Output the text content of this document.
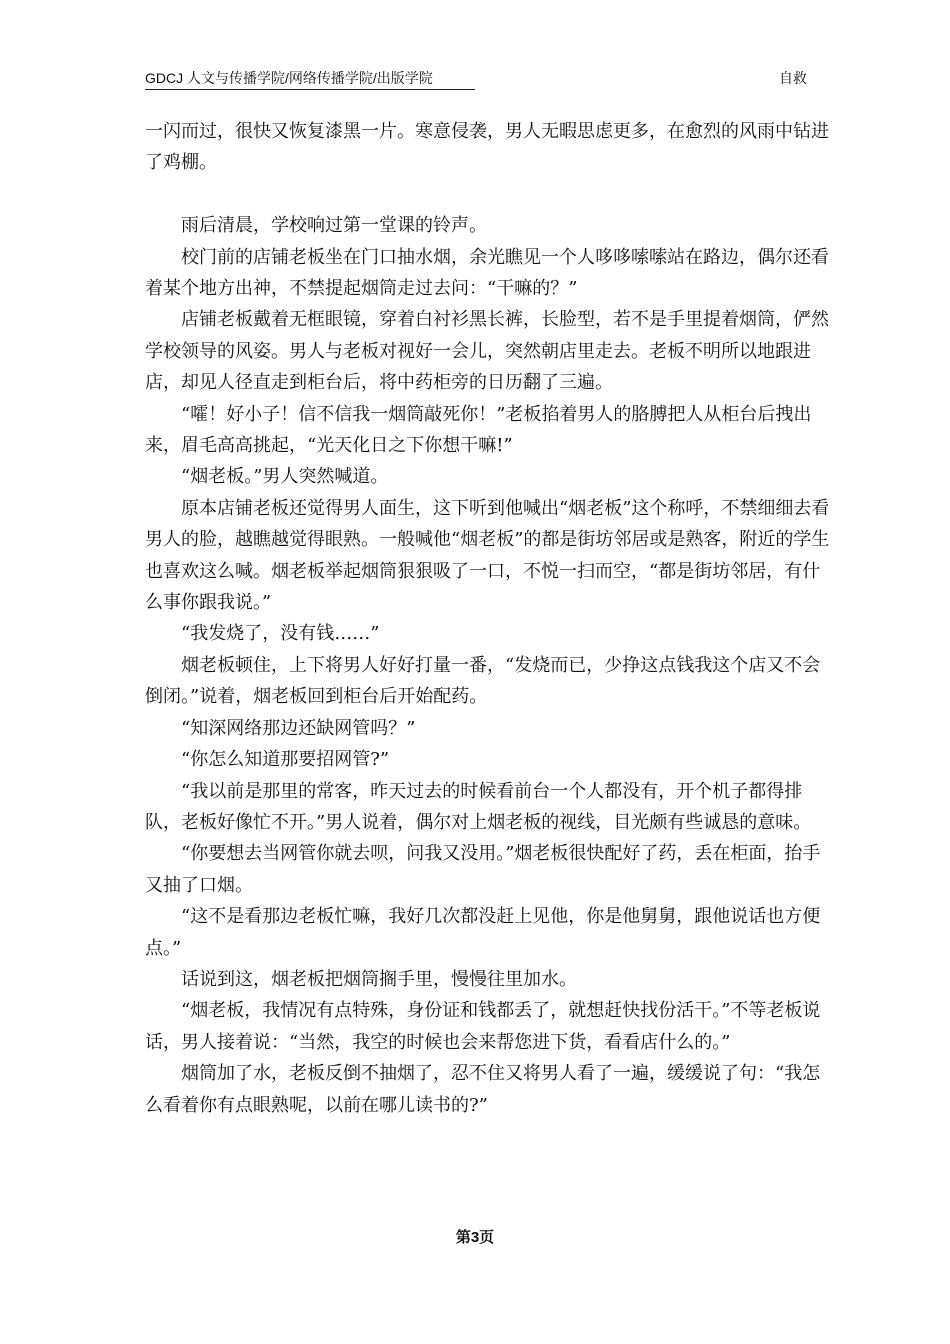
GDCJ 人文与传播学院/网络传播学院/出版学院	自救

一闪而过，很快又恢复漆黑一片。寒意侵袭，男人无暇思虑更多，在愈烈的风雨中钻进了鸡棚。

雨后清晨，学校响过第一堂课的铃声。

校门前的店铺老板坐在门口抽水烟，余光瞧见一个人哆哆嗦嗦站在路边，偶尔还看着某个地方出神，不禁提起烟筒走过去问：“干嘛的？”

店铺老板戴着无框眼镜，穿着白衬衫黑长裤，长脸型，若不是手里提着烟筒，俨然学校领导的风姿。男人与老板对视好一会儿，突然朝店里走去。老板不明所以地跟进店，却见人径直走到柜台后，将中药柜旁的日历翻了三遍。

“嚯！好小子！信不信我一烟筒敲死你！”老板掐着男人的胳膊把人从柜台后拽出来，眉毛高高挑起，“光天化日之下你想干嘛!”

“烟老板。”男人突然喊道。

原本店铺老板还觉得男人面生，这下听到他喊出“烟老板”这个称呼，不禁细细去看男人的脸，越瞧越觉得眼熟。一般喊他“烟老板”的都是街坊邻居或是熟客，附近的学生也喜欢这么喊。烟老板举起烟筒狠狠吸了一口，不悦一扫而空，“都是街坊邻居，有什么事你跟我说。”

“我发烧了，没有钱……”

烟老板顿住，上下将男人好好打量一番，“发烧而已，少挣这点钱我这个店又不会倒闭。”说着，烟老板回到柜台后开始配药。

“知深网络那边还缺网管吗？”

“你怎么知道那要招网管?”

“我以前是那里的常客，昨天过去的时候看前台一个人都没有，开个机子都得排队，老板好像忙不开。”男人说着，偶尔对上烟老板的视线，目光颇有些诚恳的意味。

“你要想去当网管你就去呗，问我又没用。”烟老板很快配好了药，丢在柜面，抬手又抽了口烟。

“这不是看那边老板忙嘛，我好几次都没赶上见他，你是他舅舅，跟他说话也方便点。”

话说到这，烟老板把烟筒搁手里，慢慢往里加水。

“烟老板，我情况有点特殊，身份证和钱都丢了，就想赶快找份活干。”不等老板说话，男人接着说：“当然，我空的时候也会来帮您进下货，看看店什么的。”

烟筒加了水，老板反倒不抽烟了，忍不住又将男人看了一遍，缓缓说了句：“我怎么看着你有点眼熟呢，以前在哪儿读书的?”

第3页
